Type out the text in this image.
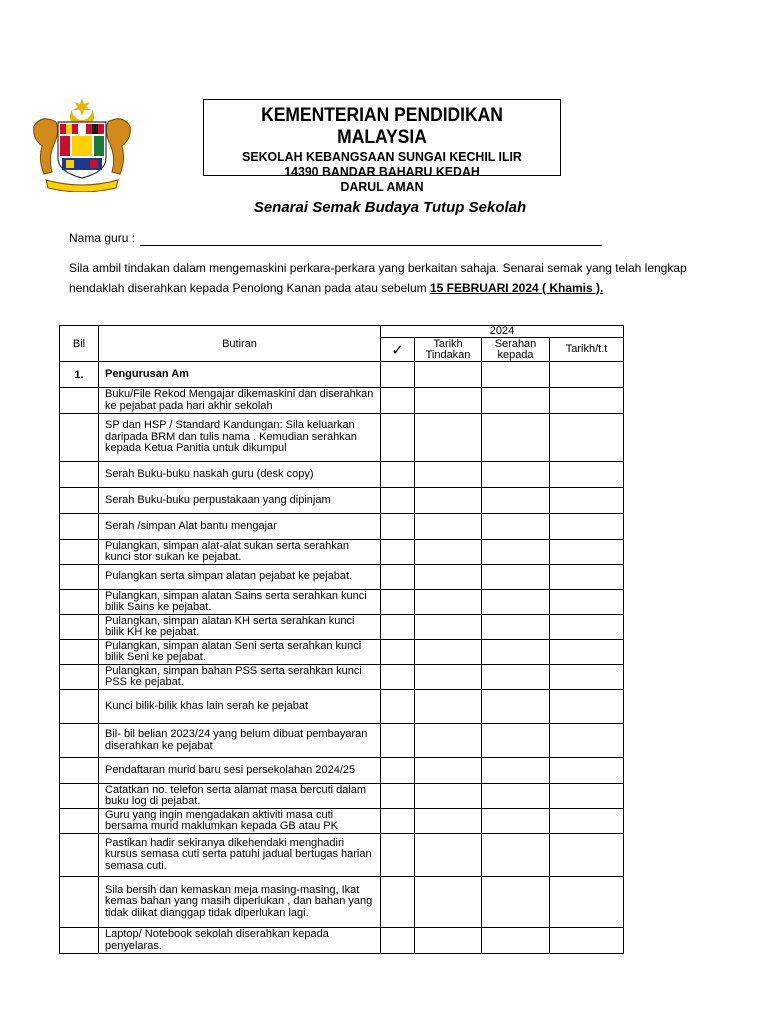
KEMENTERIAN PENDIDIKAN MALAYSIA
SEKOLAH KEBANGSAAN SUNGAI KECHIL ILIR
14390 BANDAR BAHARU KEDAH
DARUL AMAN
Senarai Semak Budaya Tutup Sekolah
Nama guru :
Sila ambil tindakan dalam mengemaskini perkara-perkara yang berkaitan sahaja. Senarai semak yang telah lengkap hendaklah diserahkan kepada Penolong Kanan pada atau sebelum 15 FEBRUARI 2024 ( Khamis ).
Bil	Butiran	2024			
		✓	Tarikh Tindakan	Serahan kepada	Tarikh/t.t
1.	Pengurusan Am				
	Buku/File Rekod Mengajar dikemaskini dan diserahkan ke pejabat pada hari akhir sekolah				
	SP dan HSP / Standard Kandungan: Sila keluarkan daripada BRM dan tulis nama . Kemudian serahkan kepada Ketua Panitia untuk dikumpul				
	Serah Buku-buku naskah guru (desk copy)				
	Serah Buku-buku perpustakaan yang dipinjam				
	Serah /simpan Alat bantu mengajar				
	Pulangkan, simpan alat-alat sukan serta serahkan kunci stor sukan ke pejabat.				
	Pulangkan serta simpan alatan pejabat ke pejabat.				
	Pulangkan, simpan alatan Sains serta serahkan kunci bilik Sains ke pejabat.				
	Pulangkan, simpan alatan KH serta serahkan kunci bilik KH ke pejabat.				
	Pulangkan, simpan alatan Seni serta serahkan kunci bilik Seni ke pejabat.				
	Pulangkan, simpan bahan PSS serta serahkan kunci PSS ke pejabat.				
	Kunci bilik-bilik khas lain serah ke pejabat				
	Bil- bil belian 2023/24 yang belum dibuat pembayaran diserahkan ke pejabat				
	Pendaftaran murid baru sesi persekolahan 2024/25				
	Catatkan no. telefon serta alamat masa bercuti dalam buku log di pejabat.				
	Guru yang ingin mengadakan aktiviti masa cuti bersama murid maklumkan kepada GB atau PK				
	Pastikan hadir sekiranya dikehendaki menghadiri kursus semasa cuti serta patuhi jadual bertugas harian semasa cuti.				
	Sila bersih dan kemaskan meja masing-masing, Ikat kemas bahan yang masih diperlukan , dan bahan yang tidak diikat dianggap tidak diperlukan lagi.				
	Laptop/ Notebook sekolah diserahkan kepada penyelaras.				
